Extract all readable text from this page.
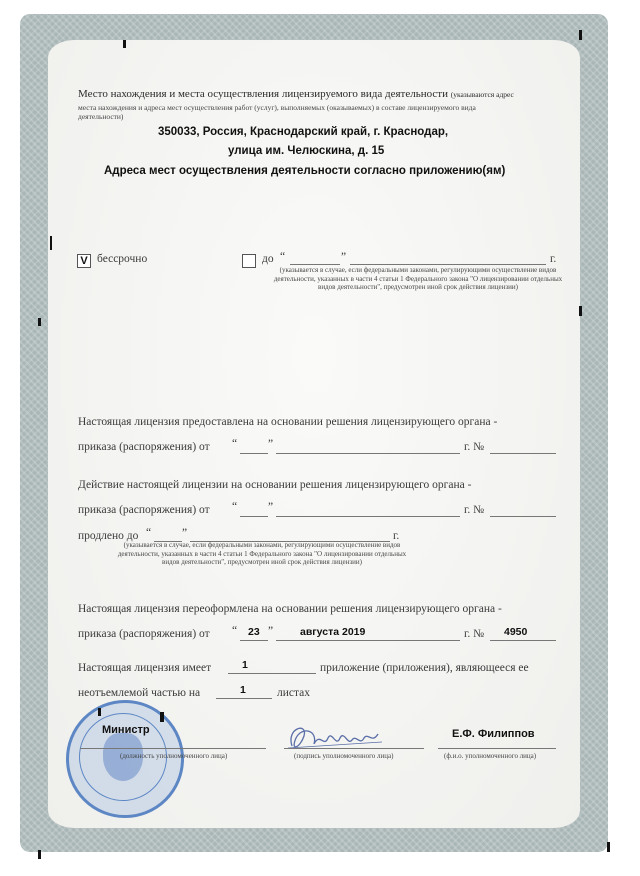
Место нахождения и места осуществления лицензируемого вида деятельности (указываются адрес
места нахождения и адреса мест осуществления работ (услуг), выполняемых (оказываемых) в составе лицензируемого вида
деятельности)
350033, Россия, Краснодарский край, г. Краснодар,
улица им. Челюскина, д. 15
Адреса мест осуществления деятельности согласно приложению(ям)
V бессрочно	до “	”	г.
(указывается в случае, если федеральными законами, регулирующими осуществление видов деятельности, указанных в части 4 статьи 1 Федерального закона "О лицензировании отдельных видов деятельности", предусмотрен иной срок действия лицензии)
Настоящая лицензия предоставлена на основании решения лицензирующего органа -
приказа (распоряжения) от “	”	г. №
Действие настоящей лицензии на основании решения лицензирующего органа -
приказа (распоряжения) от “	”	г. №
продлено до “	”	г.
(указывается в случае, если федеральными законами, регулирующими осуществление видов деятельности, указанных в части 4 статьи 1 Федерального закона "О лицензировании отдельных видов деятельности", предусмотрен иной срок действия лицензии)
Настоящая лицензия переоформлена на основании решения лицензирующего органа -
приказа (распоряжения) от “ 23 ”	августа 2019	г. № 4950
Настоящая лицензия имеет	1	приложение (приложения), являющееся ее
неотъемлемой частью на	1	листах
Министр
(должность уполномоченного лица)	(подпись уполномоченного лица)
Е.Ф. Филиппов
(ф.и.о. уполномоченного лица)
